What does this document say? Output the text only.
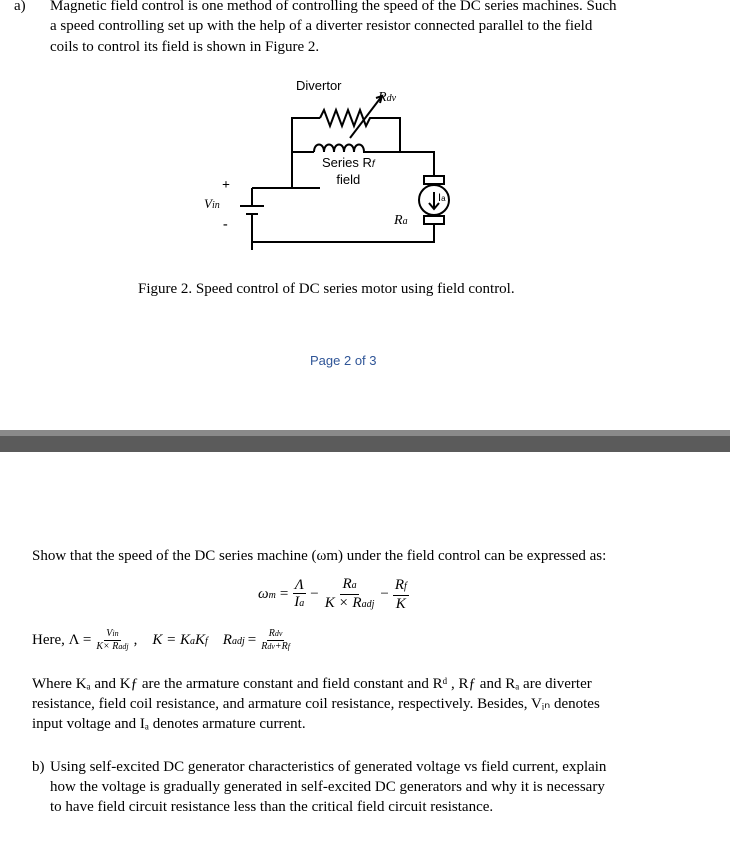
a) Magnetic field control is one method of controlling the speed of the DC series machines. Such
a speed controlling set up with the help of a diverter resistor connected parallel to the field
coils to control its field is shown in Figure 2.
Divertor
Rdv
Series Rf
field
+
Vin
-	Ra
Ia
Figure 2. Speed control of DC series motor using field control.
Page 2 of 3
Show that the speed of the DC series machine (ωm) under the field control can be expressed as:
$\omega m = \frac{\Lambda}{Ia} - \frac{Ra}{\text{K × Radj}} - \frac{Rf}{K}$
Here, $\Lambda = \frac{\text{Vin}}{\text{K× Radj}}$ , K = KaKf Radj = $\frac{\text{Rdv}}{\text{Rdv+Rf}}$
Where Kₐ and Kƒ are the armature constant and field constant and Rᵈ , Rƒ and Rₐ are diverter
resistance, field coil resistance, and armature coil resistance, respectively. Besides, Vᵢₙ denotes
input voltage and Iₐ denotes armature current.
b) Using self-excited DC generator characteristics of generated voltage vs field current, explain
how the voltage is gradually generated in self-excited DC generators and why it is necessary
to have field circuit resistance less than the critical field circuit resistance.
